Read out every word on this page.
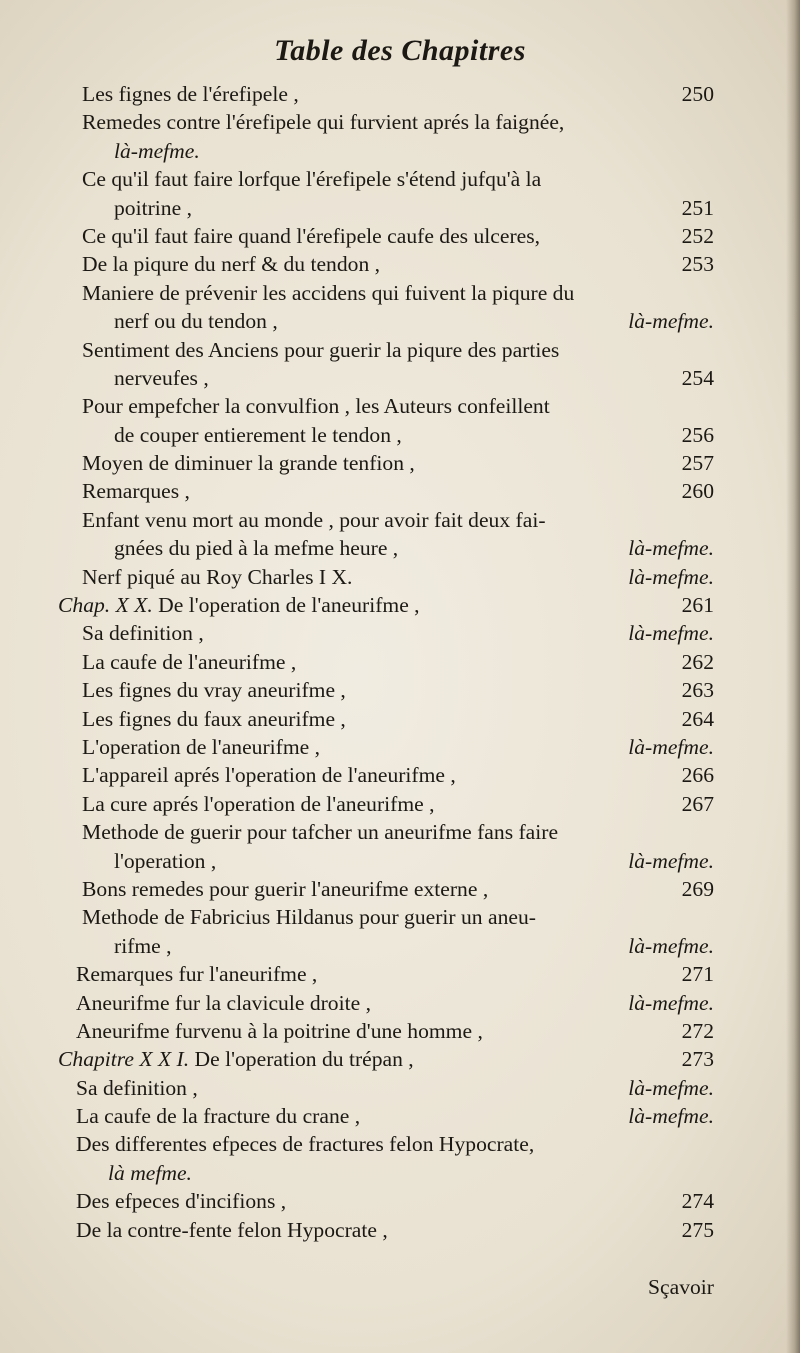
Table des Chapitres
Les fignes de l'érefipele ,	250
Remedes contre l'érefipele qui furvient aprés la faignée,
là-mefme.
Ce qu'il faut faire lorfque l'érefipele s'étend jufqu'à la
poitrine ,	251
Ce qu'il faut faire quand l'érefipele caufe des ulceres,	252
De la piqure du nerf & du tendon ,	253
Maniere de prévenir les accidens qui fuivent la piqure du
nerf ou du tendon ,	là-mefme.
Sentiment des Anciens pour guerir la piqure des parties
nerveufes ,	254
Pour empefcher la convulfion , les Auteurs confeillent
de couper entierement le tendon ,	256
Moyen de diminuer la grande tenfion ,	257
Remarques ,	260
Enfant venu mort au monde , pour avoir fait deux fai-
gnées du pied à la mefme heure ,	là-mefme.
Nerf piqué au Roy Charles I X.	là-mefme.
Chap. X X. De l'operation de l'aneurifme ,	261
Sa definition ,	là-mefme.
La caufe de l'aneurifme ,	262
Les fignes du vray aneurifme ,	263
Les fignes du faux aneurifme ,	264
L'operation de l'aneurifme ,	là-mefme.
L'appareil aprés l'operation de l'aneurifme ,	266
La cure aprés l'operation de l'aneurifme ,	267
Methode de guerir pour tafcher un aneurifme fans faire
l'operation ,	là-mefme.
Bons remedes pour guerir l'aneurifme externe ,	269
Methode de Fabricius Hildanus pour guerir un aneu-
rifme ,	là-mefme.
Remarques fur l'aneurifme ,	271
Aneurifme fur la clavicule droite ,	là-mefme.
Aneurifme furvenu à la poitrine d'une homme ,	272
Chapitre X X I. De l'operation du trépan ,	273
Sa definition ,	là-mefme.
La caufe de la fracture du crane ,	là-mefme.
Des differentes efpeces de fractures felon Hypocrate,
là mefme.
Des efpeces d'incifions ,	274
De la contre-fente felon Hypocrate ,	275
Sçavoir
